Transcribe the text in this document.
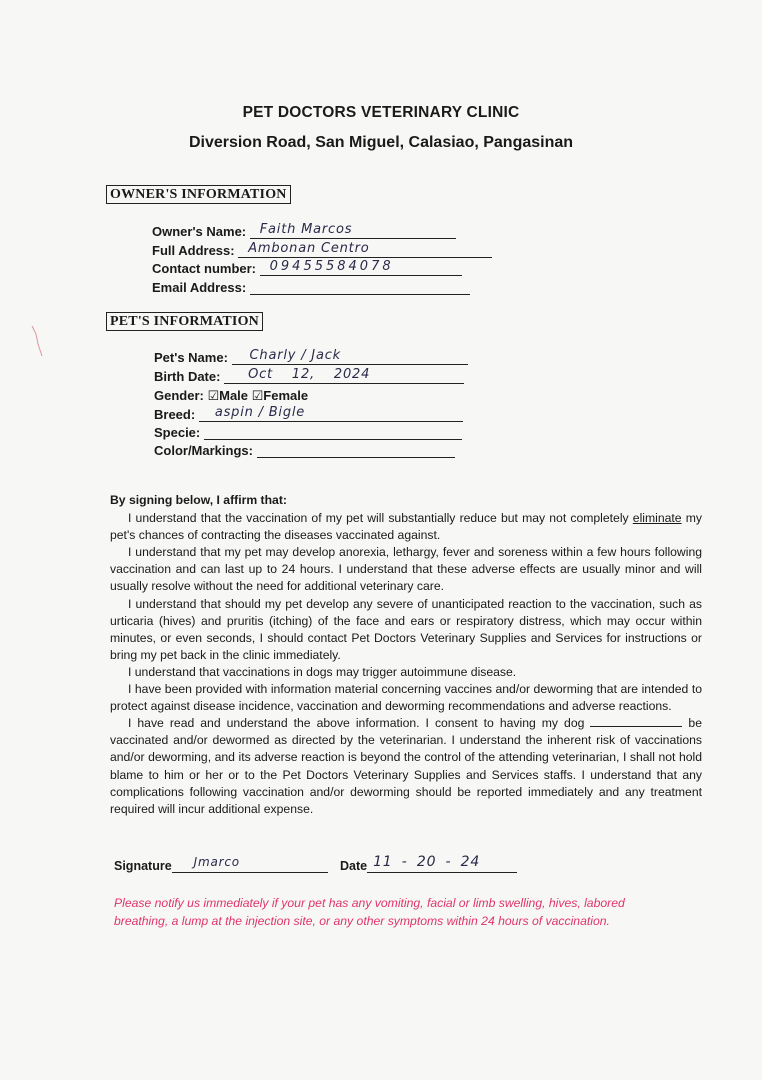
PET DOCTORS VETERINARY CLINIC
Diversion Road, San Miguel, Calasiao, Pangasinan
OWNER'S INFORMATION
Owner's Name: Faith Marcos
Full Address: Ambonan Centro
Contact number: 09455584078
Email Address:
PET'S INFORMATION
Pet's Name: Charly / Jack
Birth Date: Oct 12, 2024
Gender: ☑Male ☑Female
Breed: aspin / Bigle
Specie:
Color/Markings:
By signing below, I affirm that:

I understand that the vaccination of my pet will substantially reduce but may not completely eliminate my pet's chances of contracting the diseases vaccinated against.

I understand that my pet may develop anorexia, lethargy, fever and soreness within a few hours following vaccination and can last up to 24 hours. I understand that these adverse effects are usually minor and will usually resolve without the need for additional veterinary care.

I understand that should my pet develop any severe of unanticipated reaction to the vaccination, such as urticaria (hives) and pruritis (itching) of the face and ears or respiratory distress, which may occur within minutes, or even seconds, I should contact Pet Doctors Veterinary Supplies and Services for instructions or bring my pet back in the clinic immediately.

I understand that vaccinations in dogs may trigger autoimmune disease.

I have been provided with information material concerning vaccines and/or deworming that are intended to protect against disease incidence, vaccination and deworming recommendations and adverse reactions.

I have read and understand the above information. I consent to having my dog	be vaccinated and/or dewormed as directed by the veterinarian. I understand the inherent risk of vaccinations and/or deworming, and its adverse reaction is beyond the control of the attending veterinarian, I shall not hold blame to him or her or to the Pet Doctors Veterinary Supplies and Services staffs. I understand that any complications following vaccination and/or deworming should be reported immediately and any treatment required will incur additional expense.

Signature Jmarco	Date 11 - 20 - 24
Please notify us immediately if your pet has any vomiting, facial or limb swelling, hives, labored breathing, a lump at the injection site, or any other symptoms within 24 hours of vaccination.
